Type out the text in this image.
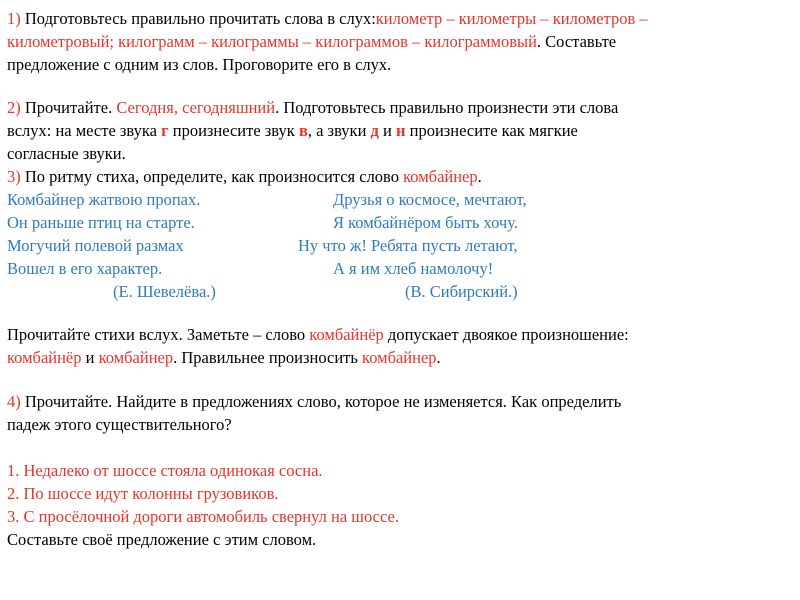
1) Подготовьтесь правильно прочитать слова в слух:километр – километры – километров –
километровый; килограмм – килограммы – килограммов – килограммовый. Составьте
предложение с одним из слов. Проговорите его в слух.
2) Прочитайте. Сегодня, сегодняшний. Подготовьтесь правильно произнести эти слова
вслух: на месте звука г произнесите звук в, а звуки д и н произнесите как мягкие
согласные звуки.
3) По ритму стиха, определите, как произносится слово комбайнер.
Комбайнер жатвою пропах.
Он раньше птиц на старте.
Могучий полевой размах
Вошел в его характер.
(Е. Шевелёва.)
Друзья о космосе, мечтают,
Я комбайнёром быть хочу.
Ну что ж! Ребята пусть летают,
А я им хлеб намолочу!
(В. Сибирский.)
Прочитайте стихи вслух. Заметьте – слово комбайнёр допускает двоякое произношение:
комбайнёр и комбайнер. Правильнее произносить комбайнер.
4) Прочитайте. Найдите в предложениях слово, которое не изменяется. Как определить
падеж этого существительного?
1. Недалеко от шоссе стояла одинокая сосна.
2. По шоссе идут колонны грузовиков.
3. С просёлочной дороги автомобиль свернул на шоссе.
Составьте своё предложение с этим словом.
